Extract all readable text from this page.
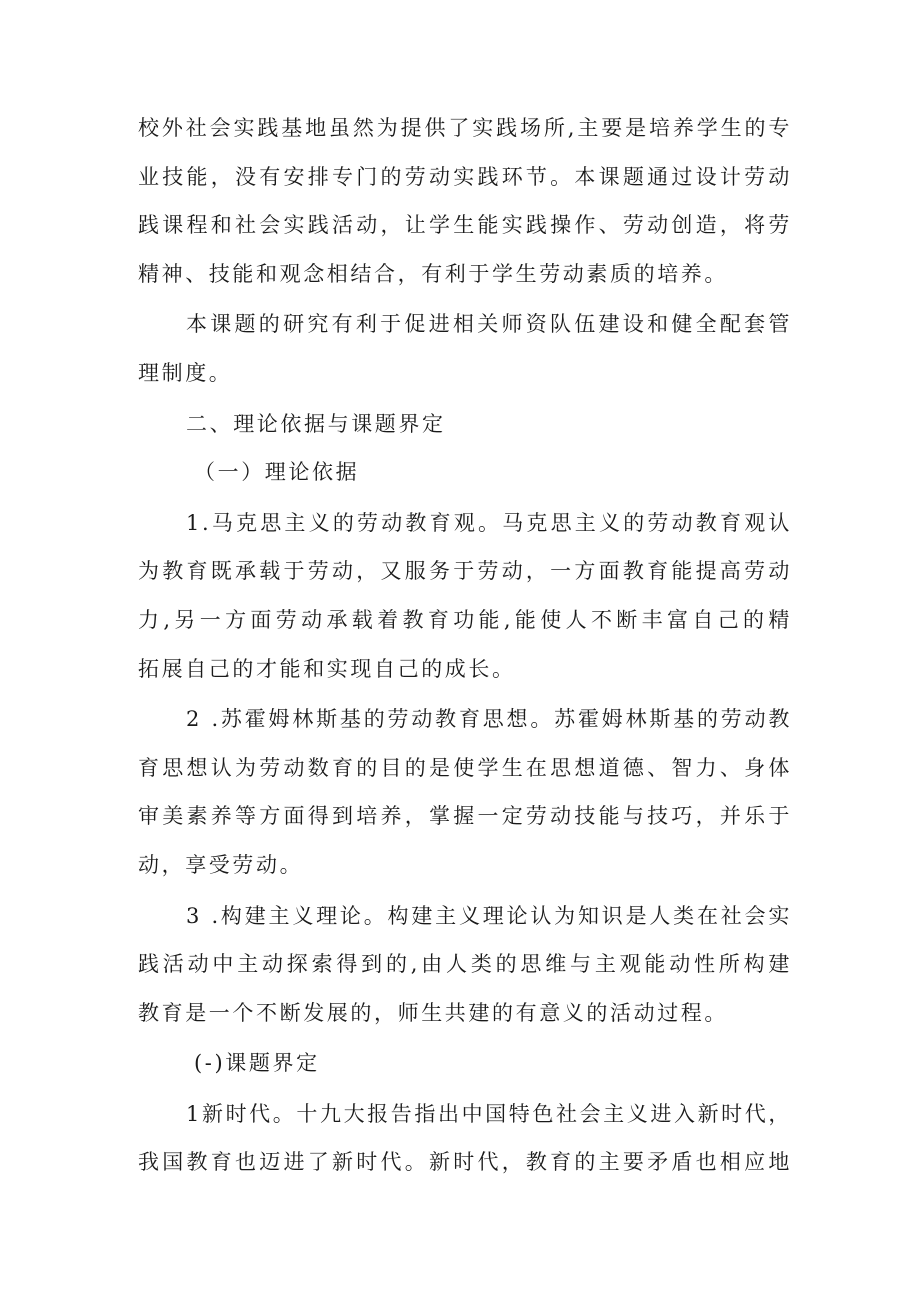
校外社会实践基地虽然为提供了实践场所,主要是培养学生的专
业技能，没有安排专门的劳动实践环节。本课题通过设计劳动
践课程和社会实践活动，让学生能实践操作、劳动创造，将劳
精神、技能和观念相结合，有利于学生劳动素质的培养。
本课题的研究有利于促进相关师资队伍建设和健全配套管
理制度。
二、理论依据与课题界定
（一）理论依据
1.马克思主义的劳动教育观。马克思主义的劳动教育观认
为教育既承载于劳动，又服务于劳动，一方面教育能提高劳动
力,另一方面劳动承载着教育功能,能使人不断丰富自己的精
拓展自己的才能和实现自己的成长。
2 .苏霍姆林斯基的劳动教育思想。苏霍姆林斯基的劳动教
育思想认为劳动数育的目的是使学生在思想道德、智力、身体
审美素养等方面得到培养，掌握一定劳动技能与技巧，并乐于
动，享受劳动。
3 .构建主义理论。构建主义理论认为知识是人类在社会实
践活动中主动探索得到的,由人类的思维与主观能动性所构建
教育是一个不断发展的，师生共建的有意义的活动过程。
(-)课题界定
1新时代。十九大报告指出中国特色社会主义进入新时代，
我国教育也迈进了新时代。新时代，教育的主要矛盾也相应地
